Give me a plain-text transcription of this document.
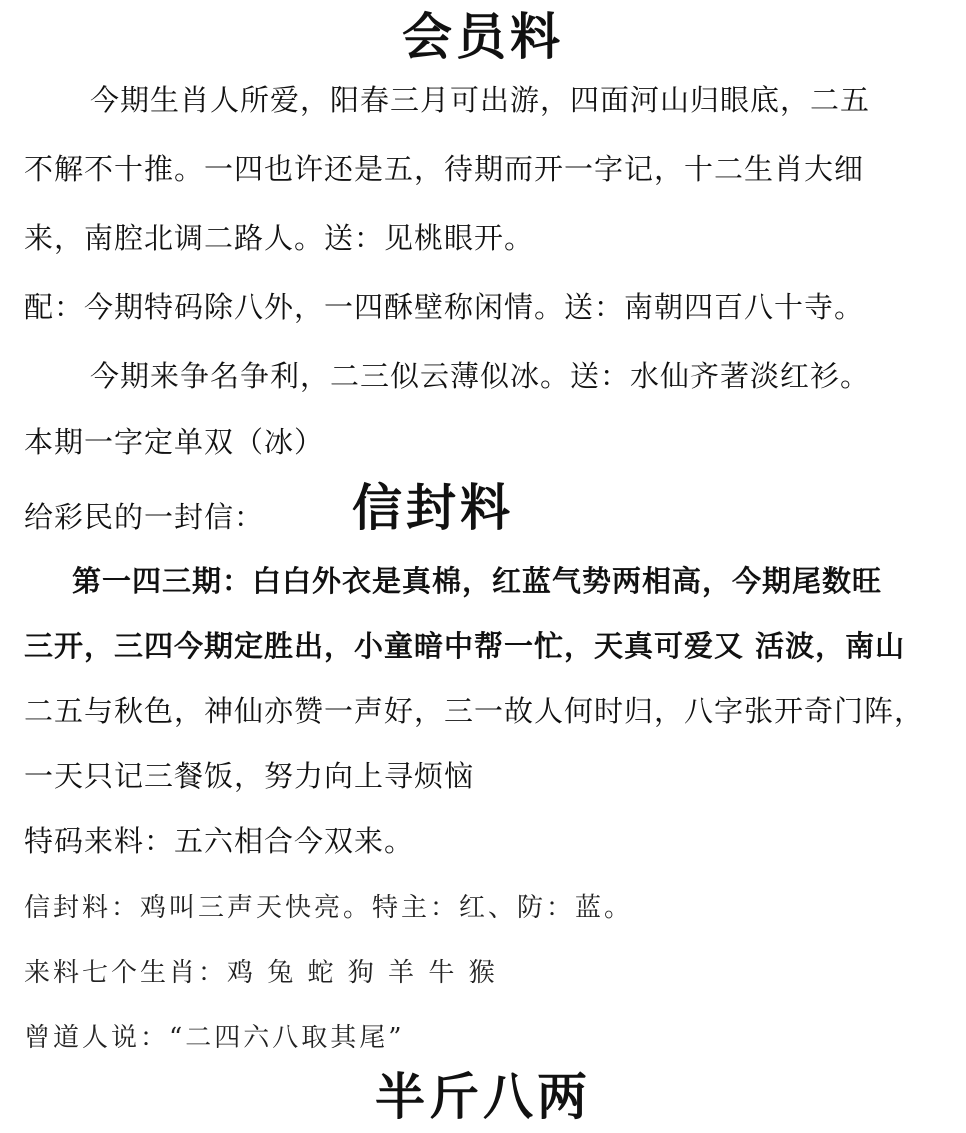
会员料
今期生肖人所爱，阳春三月可出游，四面河山归眼底，二五
不解不十推。一四也许还是五，待期而开一字记，十二生肖大细
来，南腔北调二路人。送：见桃眼开。
配：今期特码除八外，一四酥壁称闲情。送：南朝四百八十寺。
今期来争名争利，二三似云薄似冰。送：水仙齐著淡红衫。
本期一字定单双（冰）
给彩民的一封信： 信封料
第一四三期：白白外衣是真棉，红蓝气势两相高，今期尾数旺
三开，三四今期定胜出，小童暗中帮一忙，天真可爱又 活波，南山
二五与秋色，神仙亦赞一声好，三一故人何时归，八字张开奇门阵，
一天只记三餐饭，努力向上寻烦恼
特码来料：五六相合今双来。
信封料：鸡叫三声天快亮。特主：红、防：蓝。
来料七个生肖：鸡 兔 蛇 狗 羊 牛 猴
曾道人说：“二四六八取其尾”
半斤八两
